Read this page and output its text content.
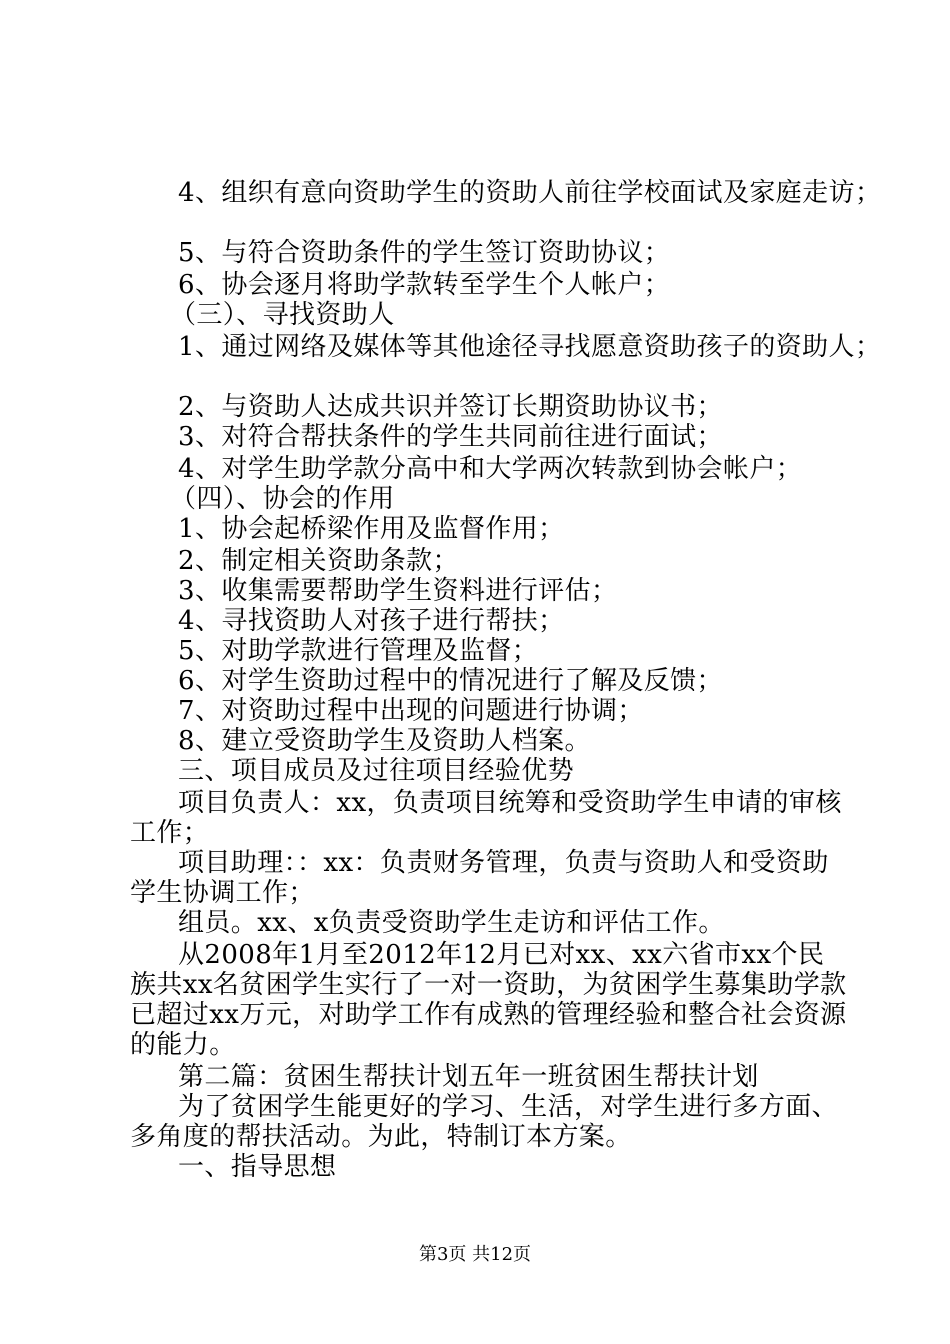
4、组织有意向资助学生的资助人前往学校面试及家庭走访；
5、与符合资助条件的学生签订资助协议；
6、协会逐月将助学款转至学生个人帐户；
（三）、寻找资助人
1、通过网络及媒体等其他途径寻找愿意资助孩子的资助人；
2、与资助人达成共识并签订长期资助协议书；
3、对符合帮扶条件的学生共同前往进行面试；
4、对学生助学款分高中和大学两次转款到协会帐户；
（四）、协会的作用
1、协会起桥梁作用及监督作用；
2、制定相关资助条款；
3、收集需要帮助学生资料进行评估；
4、寻找资助人对孩子进行帮扶；
5、对助学款进行管理及监督；
6、对学生资助过程中的情况进行了解及反馈；
7、对资助过程中出现的问题进行协调；
8、建立受资助学生及资助人档案。
三、项目成员及过往项目经验优势
项目负责人：xx，负责项目统筹和受资助学生申请的审核
工作；
项目助理：：xx：负责财务管理，负责与资助人和受资助
学生协调工作；
组员。xx、x负责受资助学生走访和评估工作。
从2008年1月至2012年12月已对xx、xx六省市xx个民
族共xx名贫困学生实行了一对一资助，为贫困学生募集助学款
已超过xx万元，对助学工作有成熟的管理经验和整合社会资源
的能力。
第二篇：贫困生帮扶计划五年一班贫困生帮扶计划
为了贫困学生能更好的学习、生活，对学生进行多方面、
多角度的帮扶活动。为此，特制订本方案。
一、指导思想
第3页 共12页
